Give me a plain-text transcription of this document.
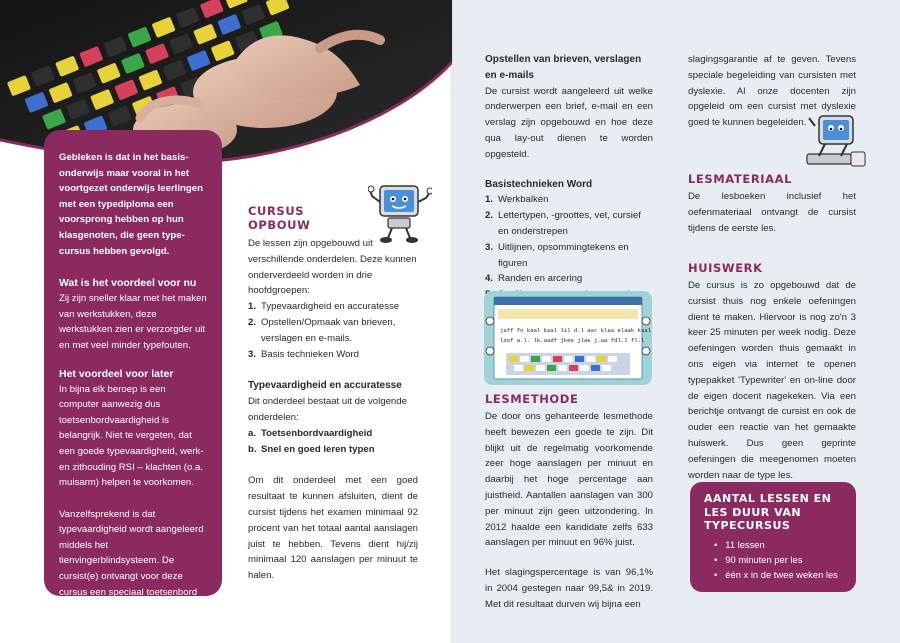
Gebleken is dat in het basisonderwijs maar vooral in het voortgezet onderwijs leerlingen met een typediploma een voorsprong hebben op hun klasgenoten, die geen typecursus hebben gevolgd.

Wat is het voordeel voor nu

Zij zijn sneller klaar met het maken van werkstukken, deze werkstukken zien er verzorgder uit en met veel minder typefouten.

Het voordeel voor later

In bijna elk beroep is een computer aanwezig dus toetsenbordvaardigheid is belangrijk. Niet te vergeten, dat een goede typevaardigheid, werk- en zithouding RSI – klachten (o.a. muisarm) helpen te voorkomen.

Vanzelfsprekend is dat typevaardigheid wordt aangeleerd middels het tienvingerblindsysteem. De cursist(e) ontvangt voor deze cursus een speciaal toetsenbord in bruikleen.

CURSUS
OPBOUW

De lessen zijn opgebouwd uit verschillende onderdelen. Deze kunnen onderverdeeld worden in drie hoofdgroepen:

1. Typevaardigheid en accuratesse
2. Opstellen/Opmaak van brieven, verslagen en e-mails.
3. Basis technieken Word

Typevaardigheid en accuratesse

Dit onderdeel bestaat uit de volgende onderdelen:

a. Toetsenbordvaardigheid
b. Snel en goed leren typen

Om dit onderdeel met een goed resultaat te kunnen afsluiten, dient de cursist tijdens het examen minimaal 92 procent van het totaal aantal aanslagen juist te hebben. Tevens dient hij/zij minimaal 120 aanslagen per minuut te halen.

Opstellen van brieven, verslagen en e-mails

De cursist wordt aangeleerd uit welke onderwerpen een brief, e-mail en een verslag zijn opgebouwd en hoe deze qua lay-out dienen te worden opgesteld.

Basistechnieken Word

1. Werkbalken
2. Lettertypen, -groottes, vet, cursief en onderstrepen
3. Uitlijnen, opsommingtekens en figuren
4. Randen en arcering
jaff fo kaal kaal lil d.l aar klaa elaak kaal
loof a.l. lk.aadf jkee jlae j.aa fdl.l fl.l
LESMETHODE

De door ons gehanteerde lesmethode heeft bewezen een goede te zijn. Dit blijkt uit de regelmatig voorkomende zeer hoge aanslagen per minuut en daarbij het hoge percentage aan juistheid. Aantallen aanslagen van 300 per minuut zijn geen uitzondering. In 2012 haalde een kandidate zelfs 633 aanslagen per minuut en 96% juist.

Het slagingspercentage is van 96,1% in 2004 gestegen naar 99,5& in 2019. Met dit resultaat durven wij bijna een

slagingsgarantie af te geven. Tevens speciale begeleiding van cursisten met dyslexie. Al onze docenten zijn opgeleid om een cursist met dyslexie goed te kunnen begeleiden.

LESMATERIAAL

De lesboeken inclusief het oefenmateriaal ontvangt de cursist tijdens de eerste les.

HUISWERK

De cursus is zo opgebouwd dat de cursist thuis nog enkele oefeningen dient te maken. Hiervoor is nog zo'n 3 keer 25 minuten per week nodig. Deze oefeningen worden thuis gemaakt in ons eigen via internet te openen typepakket 'Typewriter' en on-line door de eigen docent nagekeken. Via een berichtje ontvangt de cursist en ook de ouder een reactie van het gemaakte huiswerk. Dus geen geprinte oefeningen die meegenomen moeten worden naar de type les.

AANTAL LESSEN EN LES DUUR VAN TYPECURSUS

• 11 lessen
• 90 minuten per les
• één x in de twee weken les
